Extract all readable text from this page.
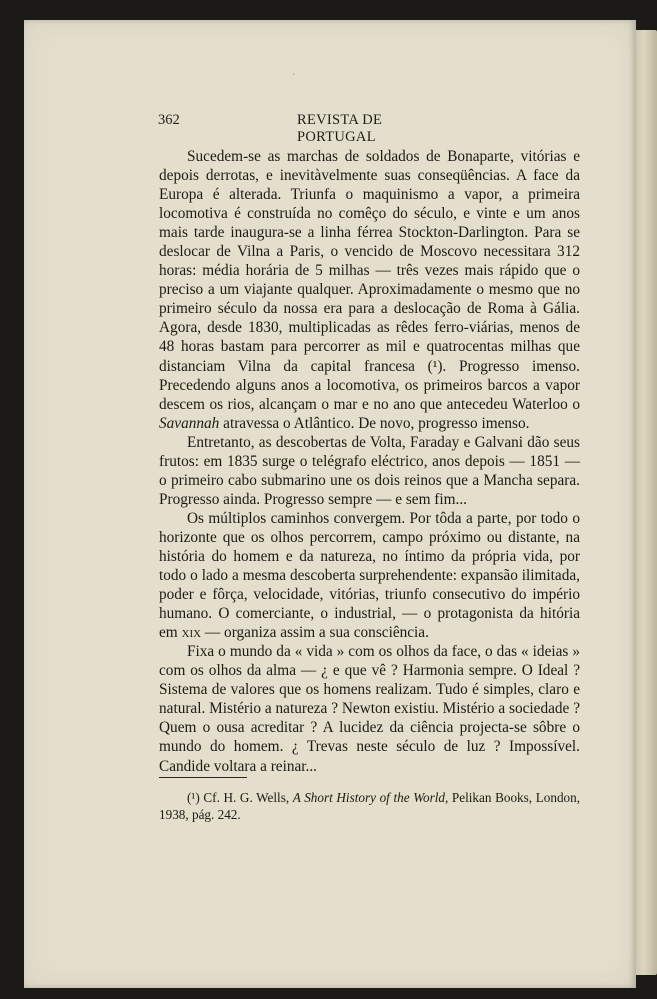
362	REVISTA DE PORTUGAL

Sucedem-se as marchas de soldados de Bonaparte, vitórias e depois derrotas, e inevitàvelmente suas conseqüências. A face da Europa é alterada. Triunfa o maquinismo a vapor, a primeira locomotiva é construída no comêço do século, e vinte e um anos mais tarde inaugura-se a linha férrea Stockton-Darlington. Para se deslocar de Vilna a Paris, o vencido de Moscovo necessitara 312 horas: média horária de 5 milhas — três vezes mais rápido que o preciso a um viajante qualquer. Aproximadamente o mesmo que no primeiro século da nossa era para a deslocação de Roma à Gália. Agora, desde 1830, multiplicadas as rêdes ferro-viárias, menos de 48 horas bastam para percorrer as mil e quatrocentas milhas que distanciam Vilna da capital francesa (¹). Progresso imenso. Precedendo alguns anos a locomotiva, os primeiros barcos a vapor descem os rios, alcançam o mar e no ano que antecedeu Waterloo o Savannah atravessa o Atlântico. De novo, progresso imenso.

Entretanto, as descobertas de Volta, Faraday e Galvani dão seus frutos: em 1835 surge o telégrafo eléctrico, anos depois — 1851 — o primeiro cabo submarino une os dois reinos que a Mancha separa. Progresso ainda. Progresso sempre — e sem fim...

Os múltiplos caminhos convergem. Por tôda a parte, por todo o horizonte que os olhos percorrem, campo próximo ou distante, na história do homem e da natureza, no íntimo da própria vida, por todo o lado a mesma descoberta surprehendente: expansão ilimitada, poder e fôrça, velocidade, vitórias, triunfo consecutivo do império humano. O comerciante, o industrial, — o protagonista da hitória em xix — organiza assim a sua consciência.

Fixa o mundo da « vida » com os olhos da face, o das « ideias » com os olhos da alma — ¿ e que vê ? Harmonia sempre. O Ideal ? Sistema de valores que os homens realizam. Tudo é simples, claro e natural. Mistério a natureza ? Newton existiu. Mistério a sociedade ? Quem o ousa acreditar ? A lucidez da ciência projecta-se sôbre o mundo do homem. ¿ Trevas neste século de luz ? Impossível. Candide voltara a reinar...

(¹) Cf. H. G. Wells, A Short History of the World, Pelikan Books, London, 1938, pág. 242.
